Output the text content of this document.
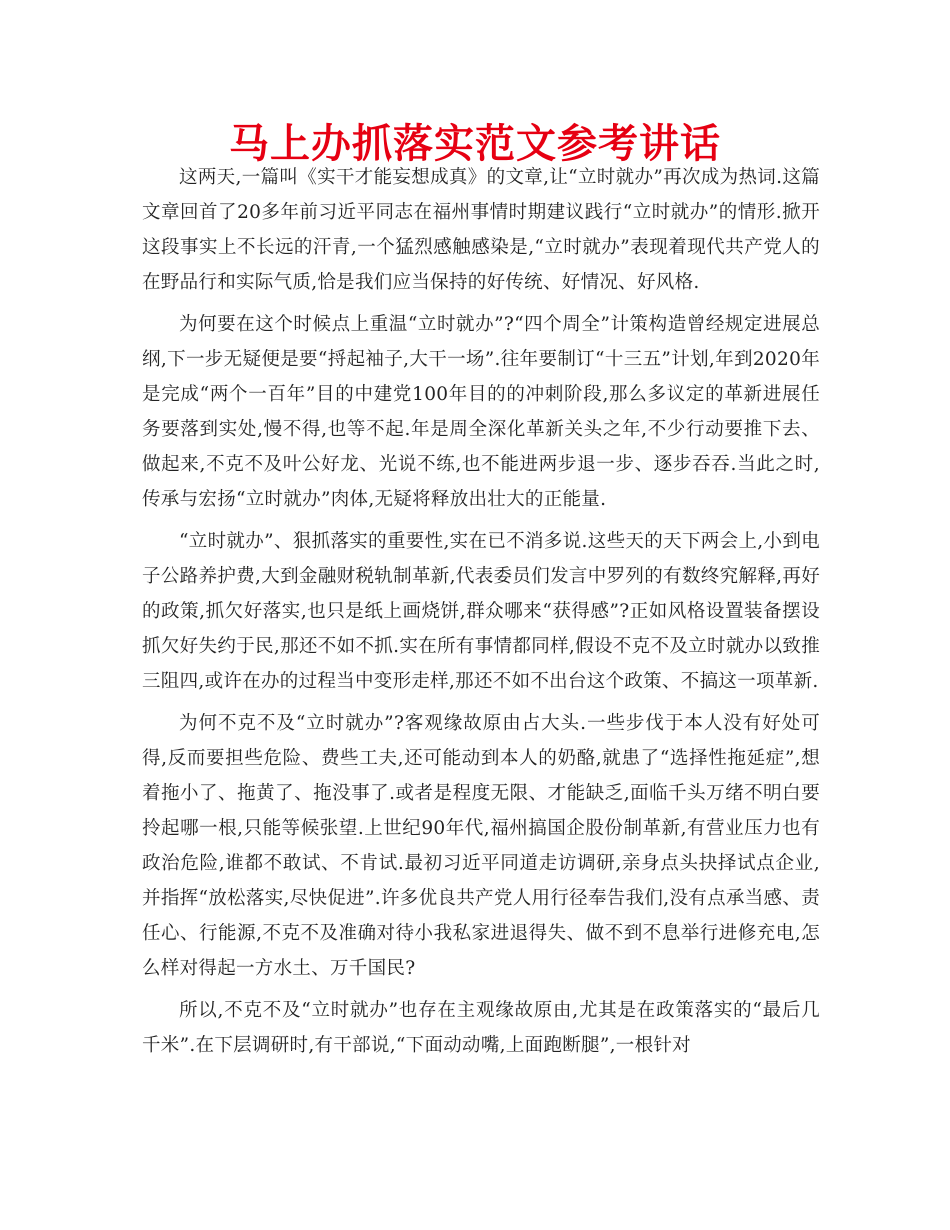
马上办抓落实范文参考讲话

这两天,一篇叫《实干才能妄想成真》的文章,让“立时就办”再次成为热词.这篇文章回首了20多年前习近平同志在福州事情时期建议践行“立时就办”的情形.掀开这段事实上不长远的汗青,一个猛烈感触感染是,“立时就办”表现着现代共产党人的在野品行和实际气质,恰是我们应当保持的好传统、好情况、好风格.

为何要在这个时候点上重温“立时就办”?“四个周全”计策构造曾经规定进展总纲,下一步无疑便是要“捋起袖子,大干一场”.往年要制订“十三五”计划,年到2020年是完成“两个一百年”目的中建党100年目的的冲刺阶段,那么多议定的革新进展任务要落到实处,慢不得,也等不起.年是周全深化革新关头之年,不少行动要推下去、做起来,不克不及叶公好龙、光说不练,也不能进两步退一步、逐步吞吞.当此之时,传承与宏扬“立时就办”肉体,无疑将释放出壮大的正能量.

“立时就办”、狠抓落实的重要性,实在已不消多说.这些天的天下两会上,小到电子公路养护费,大到金融财税轨制革新,代表委员们发言中罗列的有数终究解释,再好的政策,抓欠好落实,也只是纸上画烧饼,群众哪来“获得感”?正如风格设置装备摆设抓欠好失约于民,那还不如不抓.实在所有事情都同样,假设不克不及立时就办以致推三阻四,或许在办的过程当中变形走样,那还不如不出台这个政策、不搞这一项革新.

为何不克不及“立时就办”?客观缘故原由占大头.一些步伐于本人没有好处可得,反而要担些危险、费些工夫,还可能动到本人的奶酪,就患了“选择性拖延症”,想着拖小了、拖黄了、拖没事了.或者是程度无限、才能缺乏,面临千头万绪不明白要拎起哪一根,只能等候张望.上世纪90年代,福州搞国企股份制革新,有营业压力也有政治危险,谁都不敢试、不肯试.最初习近平同道走访调研,亲身点头抉择试点企业,并指挥“放松落实,尽快促进”.许多优良共产党人用行径奉告我们,没有点承当感、责任心、行能源,不克不及准确对待小我私家进退得失、做不到不息举行进修充电,怎么样对得起一方水土、万千国民?

所以,不克不及“立时就办”也存在主观缘故原由,尤其是在政策落实的“最后几千米”.在下层调研时,有干部说,“下面动动嘴,上面跑断腿”,一根针对
